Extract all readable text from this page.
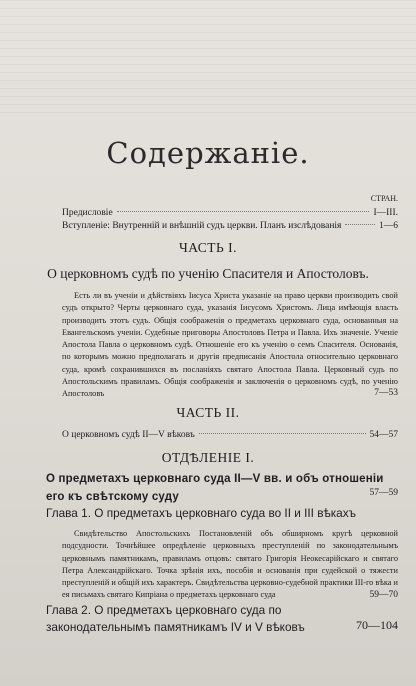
Содержаніе.
СТРАН.
Предисловіе	I—III.
Вступленіе: Внутренній и внѣшній судъ церкви. Планъ изслѣдованія	1—6
ЧАСТЬ I.
О церковномъ судѣ по ученію Спасителя и Апостоловъ.
Есть ли въ ученіи и дѣйствіяхъ Іисуса Христа указаніе на право церкви производить свой судъ открыто? Черты церковнаго суда, указанія Іисусомъ Христомъ. Лица имѣющія власть производить этотъ судъ. Общія соображенія о предметахъ церковнаго суда, основанныя на Евангельскомъ ученіи. Судебные приговоры Апостоловъ Петра и Павла. Ихъ значеніе. Ученіе Апостола Павла о церковномъ судѣ. Отношеніе его къ ученію о семъ Спасителя. Основанія, по которымъ можно предполагать и другія предписанія Апостола относительно церковнаго суда, кромѣ сохранившихся въ посланіяхъ святаго Апостола Павла. Церковный судъ по Апостольскимъ правиламъ. Общія соображенія и заключенія о церковномъ судѣ, по ученію Апостоловъ	7—53
ЧАСТЬ II.
О церковномъ судѣ II—V вѣковъ	54—57
ОТДѢЛЕНІЕ I.
О предметахъ церковнаго суда II—V вв. и объ отношеніи его къ свѣтскому суду	57—59
Глава 1. О предметахъ церковнаго суда во II и III вѣкахъ
Свидѣтельство Апостольскихъ Постановленій объ обширномъ кругѣ церковной подсудности. Точнѣйшее опредѣленіе церковныхъ преступленій по законодательнымъ церковнымъ памятникамъ, правиламъ отцовъ: святаго Григорія Неокесарійскаго и святаго Петра Александрійскаго. Точка зрѣнія ихъ, пособія и основанія при судейской о тяжести преступленій и общій ихъ характеръ. Свидѣтельства церковно-судебной практики III-го вѣка и ея письмахъ святаго Кипріана о предметахъ церковнаго суда	59—70
Глава 2. О предметахъ церковнаго суда по законодательнымъ памятникамъ IV и V вѣковъ	70—104
